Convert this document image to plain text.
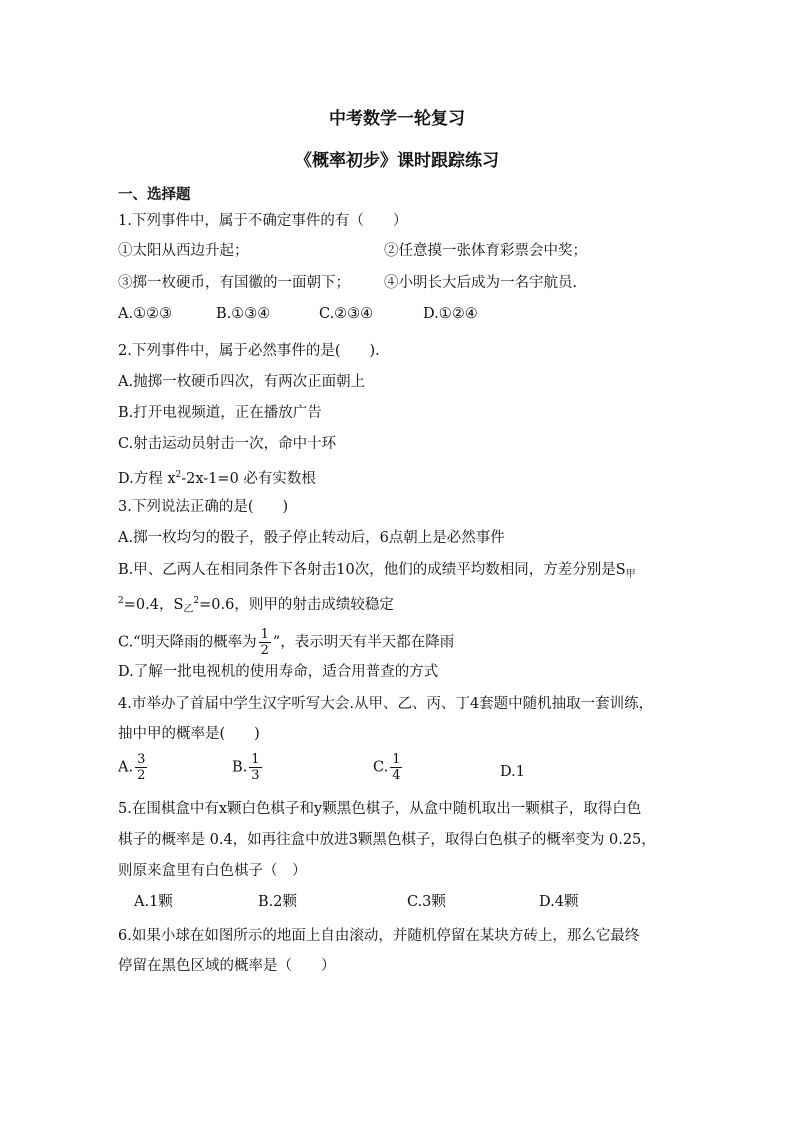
中考数学一轮复习
《概率初步》课时跟踪练习
一、选择题
1.下列事件中，属于不确定事件的有（　　）
①太阳从西边升起；	②任意摸一张体育彩票会中奖；
③掷一枚硬币，有国徽的一面朝下； ④小明长大后成为一名宇航员.
A.①②③	B.①③④	C.②③④	D.①②④
2.下列事件中，属于必然事件的是(　　).
A.抛掷一枚硬币四次，有两次正面朝上
B.打开电视频道，正在播放广告
C.射击运动员射击一次，命中十环
D.方程 $x^2-2x-1=0$ 必有实数根
3.下列说法正确的是(　　)
A.掷一枚均匀的骰子，骰子停止转动后，6点朝上是必然事件
B.甲、乙两人在相同条件下各射击10次，他们的成绩平均数相同，方差分别是$S_甲$
$^2$=0.4，$S_乙^2=0.6$，则甲的射击成绩较稳定
C.“明天降雨的概率为 $\frac{1}{2}$ ”，表示明天有半天都在降雨
D.了解一批电视机的使用寿命，适合用普查的方式
4.市举办了首届中学生汉字听写大会.从甲、乙、丙、丁4套题中随机抽取一套训练，
抽中甲的概率是(　　)
A. $\frac{3}{2}$	B. $\frac{1}{3}$	C. $\frac{1}{4}$	D.1
5.在围棋盒中有x颗白色棋子和y颗黑色棋子，从盒中随机取出一颗棋子，取得白色
棋子的概率是 0.4，如再往盒中放进3颗黑色棋子，取得白色棋子的概率变为 0.25，
则原来盒里有白色棋子（　）
A.1颗	B.2颗	C.3颗	D.4颗
6.如果小球在如图所示的地面上自由滚动，并随机停留在某块方砖上，那么它最终
停留在黑色区域的概率是（　　）
